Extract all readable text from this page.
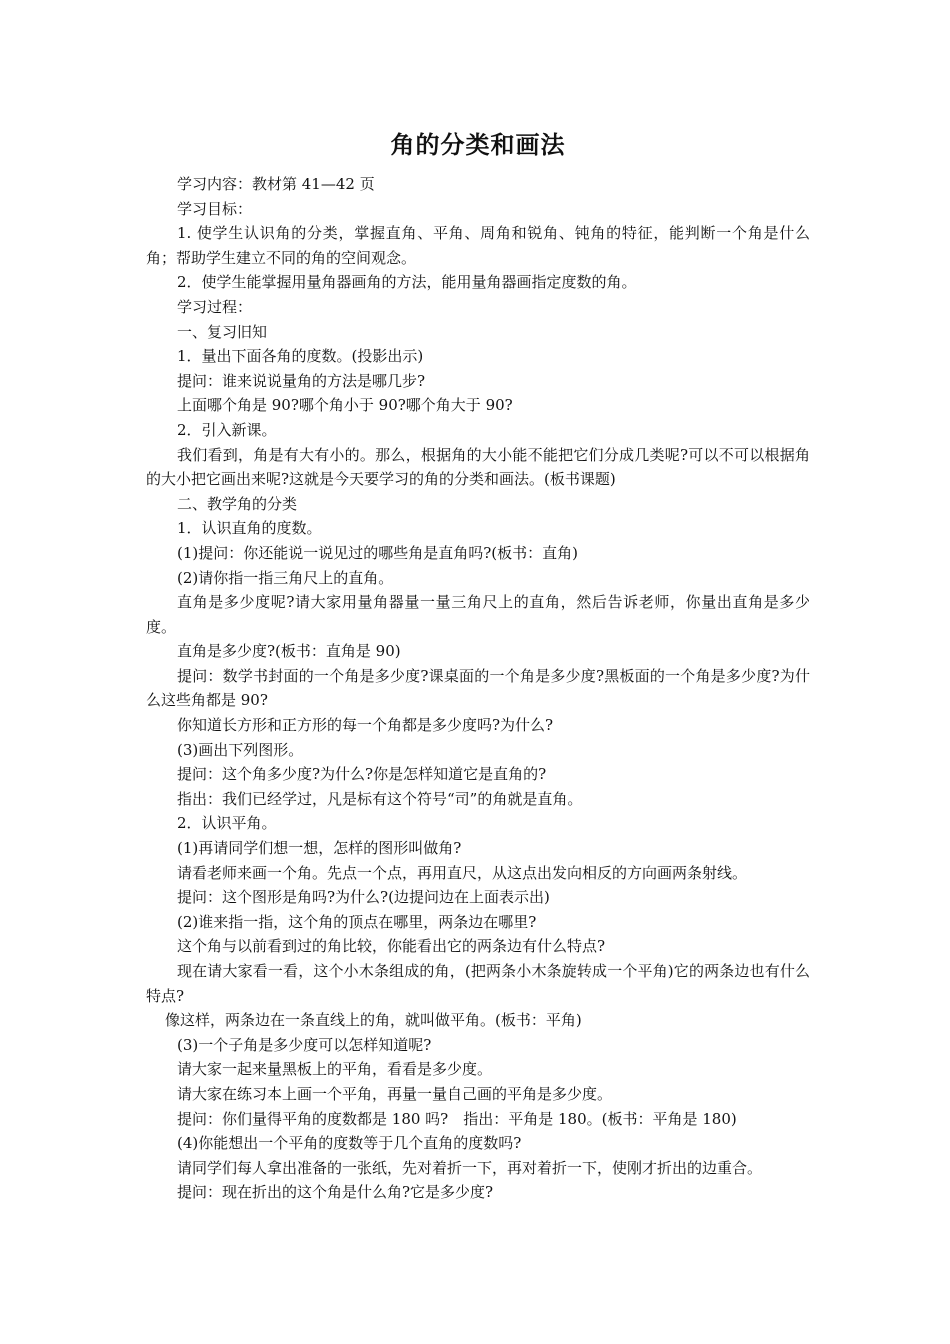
角的分类和画法

学习内容：教材第 41—42 页

学习目标：

1. 使学生认识角的分类，掌握直角、平角、周角和锐角、钝角的特征，能判断一个角是什么角；帮助学生建立不同的角的空间观念。

2．使学生能掌握用量角器画角的方法，能用量角器画指定度数的角。

学习过程：

一、复习旧知

1．量出下面各角的度数。(投影出示)

提问：谁来说说量角的方法是哪几步?

上面哪个角是 90?哪个角小于 90?哪个角大于 90?

2．引入新课。

我们看到，角是有大有小的。那么，根据角的大小能不能把它们分成几类呢?可以不可以根据角的大小把它画出来呢?这就是今天要学习的角的分类和画法。(板书课题)

二、教学角的分类

1．认识直角的度数。

(1)提问：你还能说一说见过的哪些角是直角吗?(板书：直角)

(2)请你指一指三角尺上的直角。

直角是多少度呢?请大家用量角器量一量三角尺上的直角，然后告诉老师，你量出直角是多少度。

直角是多少度?(板书：直角是 90)

提问：数学书封面的一个角是多少度?课桌面的一个角是多少度?黑板面的一个角是多少度?为什么这些角都是 90?

你知道长方形和正方形的每一个角都是多少度吗?为什么?

(3)画出下列图形。

提问：这个角多少度?为什么?你是怎样知道它是直角的?

指出：我们已经学过，凡是标有这个符号“司”的角就是直角。

2．认识平角。

(1)再请同学们想一想，怎样的图形叫做角?

请看老师来画一个角。先点一个点，再用直尺，从这点出发向相反的方向画两条射线。

提问：这个图形是角吗?为什么?(边提问边在上面表示出)

(2)谁来指一指，这个角的顶点在哪里，两条边在哪里?

这个角与以前看到过的角比较，你能看出它的两条边有什么特点?

现在请大家看一看，这个小木条组成的角，(把两条小木条旋转成一个平角)它的两条边也有什么特点?

像这样，两条边在一条直线上的角，就叫做平角。(板书：平角)

(3)一个子角是多少度可以怎样知道呢?

请大家一起来量黑板上的平角，看看是多少度。

请大家在练习本上画一个平角，再量一量自己画的平角是多少度。

提问：你们量得平角的度数都是 180 吗?　指出：平角是 180。(板书：平角是 180)

(4)你能想出一个平角的度数等于几个直角的度数吗?

请同学们每人拿出准备的一张纸，先对着折一下，再对着折一下，使刚才折出的边重合。

提问：现在折出的这个角是什么角?它是多少度?
